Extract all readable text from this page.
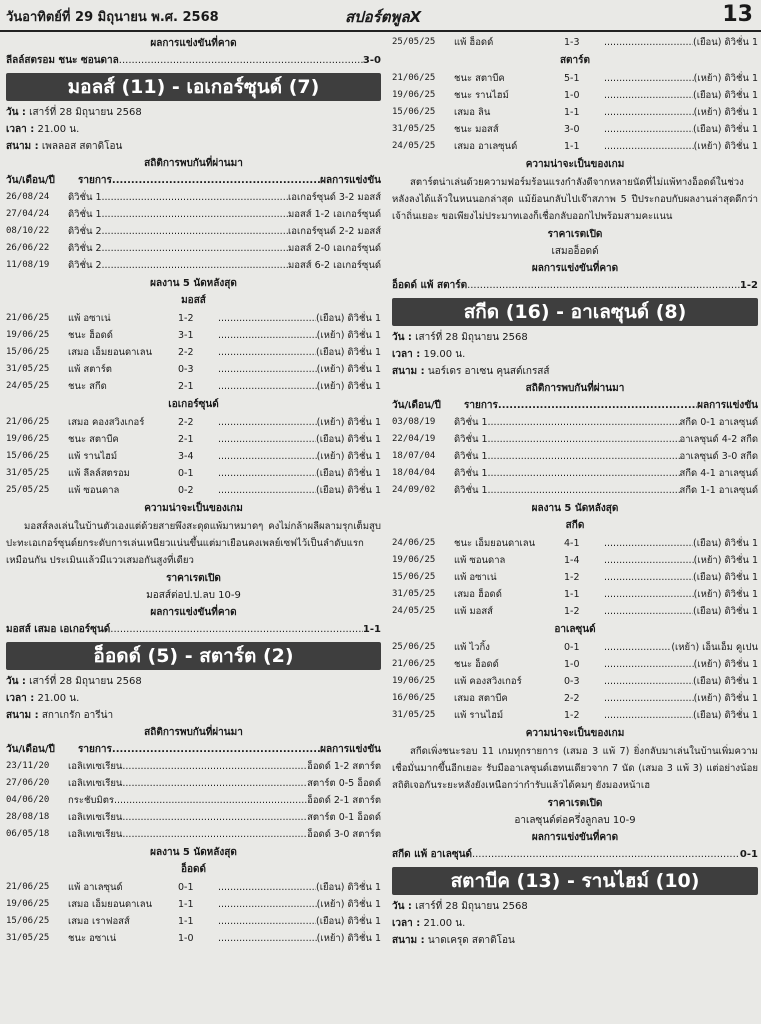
วันอาทิตย์ที่ 29 มิถุนายน พ.ศ. 2568	สปอร์ตพูลX	13
ผลการแข่งขันที่คาด
ลีลล์สตรอม ชนะ ซอนดาล .....	3-0
มอลส์ (11) - เอเกอร์ซุนด์ (7)
วัน : เสาร์ที่ 28 มิถุนายน 2568
เวลา : 21.00 น.
สนาม : เพลลอส สตาดิโอน
สถิติการพบกันที่ผ่านมา
วัน/เดือน/ปี	รายการ .....	ผลการแข่งขัน
26/08/24	ดิวิชั่น 1 .....	เอเกอร์ซุนด์ 3-2 มอสส์
27/04/24	ดิวิชั่น 1 .....	มอสส์ 1-2 เอเกอร์ซุนด์
08/10/22	ดิวิชั่น 2 .....	เอเกอร์ซุนด์ 2-2 มอสส์
26/06/22	ดิวิชั่น 2 .....	มอสส์ 2-0 เอเกอร์ซุนด์
11/08/19	ดิวิชั่น 2 .....	มอสส์ 6-2 เอเกอร์ซุนด์
ผลงาน 5 นัดหลังสุด
มอสส์
21/06/25	แพ้ อซาเน่	1-2 .....	(เยือน) ดิวิชั่น 1
19/06/25	ชนะ ฮ็อดด์	3-1 .....	(เหย้า) ดิวิชั่น 1
15/06/25	เสมอ เอ็มยอนดาเลน	2-2 .....	(เยือน) ดิวิชั่น 1
31/05/25	แพ้ สตาร์ต	0-3 .....	(เหย้า) ดิวิชั่น 1
24/05/25	ชนะ สกีด	2-1 .....	(เหย้า) ดิวิชั่น 1
เอเกอร์ซุนด์
21/06/25	เสมอ คองสวิงเกอร์	2-2 .....	(เหย้า) ดิวิชั่น 1
19/06/25	ชนะ สตาบีค	2-1 .....	(เยือน) ดิวิชั่น 1
15/06/25	แพ้ รานไฮม์	3-4 .....	(เหย้า) ดิวิชั่น 1
31/05/25	แพ้ ลีลล์สตรอม	0-1 .....	(เยือน) ดิวิชั่น 1
25/05/25	แพ้ ซอนดาล	0-2 .....	(เยือน) ดิวิชั่น 1
ความน่าจะเป็นของเกม

มอสส์ลงเล่นในบ้านตัวเองแต่ด้วยสายพึงสะดุดแพ้มาหมาดๆ คงไม่กล้าผลีผลามรุกเต็มสูบ ปะทะเอเกอร์ซุนด์ยกระดับการเล่นเหนียวแน่นขึ้นแต่มาเยือนคงเพลย์เซฟไว้เป็นลำดับแรกเหมือนกัน ประเมินแล้วมีแววเสมอกันสูงที่เดียว

ราคาเรตเปิด
มอสส์ต่อป.ป.ลบ 10-9
ผลการแข่งขันที่คาด
มอสส์ เสมอ เอเกอร์ซุนด์ .....	1-1
อ็อดด์ (5) - สตาร์ต (2)
วัน : เสาร์ที่ 28 มิถุนายน 2568
เวลา : 21.00 น.
สนาม : สกาเกรัก อารีน่า
สถิติการพบกันที่ผ่านมา
วัน/เดือน/ปี	รายการ .....	ผลการแข่งขัน
23/11/20	เอลิเทเซเรียน .....	อ็อดด์ 1-2 สตาร์ต
27/06/20	เอลิเทเซเรียน .....	สตาร์ต 0-5 อ็อดด์
04/06/20	กระชับมิตร .....	อ็อดด์ 2-1 สตาร์ต
28/08/18	เอลิเทเซเรียน .....	สตาร์ต 0-1 อ็อดด์
06/05/18	เอลิเทเซเรียน .....	อ็อดด์ 3-0 สตาร์ต
ผลงาน 5 นัดหลังสุด
อ็อดด์
21/06/25	แพ้ อาเลซุนด์	0-1 .....	(เยือน) ดิวิชั่น 1
19/06/25	เสมอ เอ็มยอนดาเลน	1-1 .....	(เหย้า) ดิวิชั่น 1
15/06/25	เสมอ เราฟอสส์	1-1 .....	(เยือน) ดิวิชั่น 1
31/05/25	ชนะ อซาเน่	1-0 .....	(เหย้า) ดิวิชั่น 1
25/05/25	แพ้ ฮ็อดด์	1-3 .....	(เยือน) ดิวิชั่น 1
สตาร์ต
21/06/25	ชนะ สตาบีค	5-1 .....	(เหย้า) ดิวิชั่น 1
19/06/25	ชนะ รานไฮม์	1-0 .....	(เยือน) ดิวิชั่น 1
15/06/25	เสมอ ลิน	1-1 .....	(เหย้า) ดิวิชั่น 1
31/05/25	ชนะ มอสส์	3-0 .....	(เยือน) ดิวิชั่น 1
24/05/25	เสมอ อาเลซุนด์	1-1 .....	(เหย้า) ดิวิชั่น 1
ความน่าจะเป็นของเกม

สตาร์ตน่าเล่นด้วยความฟอร์มร้อนแรงกำลังดีจากหลายนัดที่ไม่แพ้ทางอ็อดด์ในช่วงหลังลงได้แล้วในหนนอกล่าสุด แม้ย้อนกลับไปเจ๊าสภาพ 5 ปีประกอบกับผลงานล่าสุดดีกว่าเจ้าถิ่นเยอะ ขอเพียงไม่ประมาทเองก็เชื่อกลับออกไปพร้อมสามคะแนน

ราคาเรตเปิด
เสมออ็อดด์
ผลการแข่งขันที่คาด
อ็อดด์ แพ้ สตาร์ต .....	1-2
สกีด (16) - อาเลซุนด์ (8)
วัน : เสาร์ที่ 28 มิถุนายน 2568
เวลา : 19.00 น.
สนาม : นอร์เดร อาเซน คุนสต์เกรสส์
สถิติการพบกันที่ผ่านมา
วัน/เดือน/ปี	รายการ .....	ผลการแข่งขัน
03/08/19	ดิวิชั่น 1 .....	สกีด 0-1 อาเลซุนด์
22/04/19	ดิวิชั่น 1 .....	อาเลซุนด์ 4-2 สกีด
18/07/04	ดิวิชั่น 1 .....	อาเลซุนด์ 3-0 สกีด
18/04/04	ดิวิชั่น 1 .....	สกีด 4-1 อาเลซุนด์
24/09/02	ดิวิชั่น 1 .....	สกีด 1-1 อาเลซุนด์
ผลงาน 5 นัดหลังสุด
สกีด
24/06/25	ชนะ เอ็มยอนดาเลน	4-1 .....	(เยือน) ดิวิชั่น 1
19/06/25	แพ้ ซอนดาล	1-4 .....	(เหย้า) ดิวิชั่น 1
15/06/25	แพ้ อซาเน่	1-2 .....	(เยือน) ดิวิชั่น 1
31/05/25	เสมอ ฮ็อดด์	1-1 .....	(เหย้า) ดิวิชั่น 1
24/05/25	แพ้ มอสส์	1-2 .....	(เยือน) ดิวิชั่น 1
อาเลซุนด์
25/06/25	แพ้ ไวกิ้ง	0-1 .....	(เหย้า) เอ็นเอ็ม คูเปน
21/06/25	ชนะ อ็อดด์	1-0 .....	(เหย้า) ดิวิชั่น 1
19/06/25	แพ้ คองสวิงเกอร์	0-3 .....	(เยือน) ดิวิชั่น 1
16/06/25	เสมอ สตาบีค	2-2 .....	(เหย้า) ดิวิชั่น 1
31/05/25	แพ้ รานไฮม์	1-2 .....	(เยือน) ดิวิชั่น 1
ความน่าจะเป็นของเกม

สกีดเพิ่งชนะรอบ 11 เกมทุกรายการ (เสมอ 3 แพ้ 7) ยิ่งกลับมาเล่นในบ้านเพิ่มความเชื่อมั่นมากขึ้นอีกเยอะ รับมืออาเลซุนด์เฮทนเดียวจาก 7 นัด (เสมอ 3 แพ้ 3) แต่อย่างน้อยสถิติเจอกันระยะหลังยังเหนือกว่ากำรับแล้วได้คมๆ ยังมองหน้าเฮ

ราคาเรตเปิด
อาเลซุนด์ต่อครึ่งลูกลบ 10-9
ผลการแข่งขันที่คาด
สกีด แพ้ อาเลซุนด์ .....	0-1
สตาบีค (13) - รานไฮม์ (10)
วัน : เสาร์ที่ 28 มิถุนายน 2568
เวลา : 21.00 น.
สนาม : นาดเครุด สตาดิโอน
